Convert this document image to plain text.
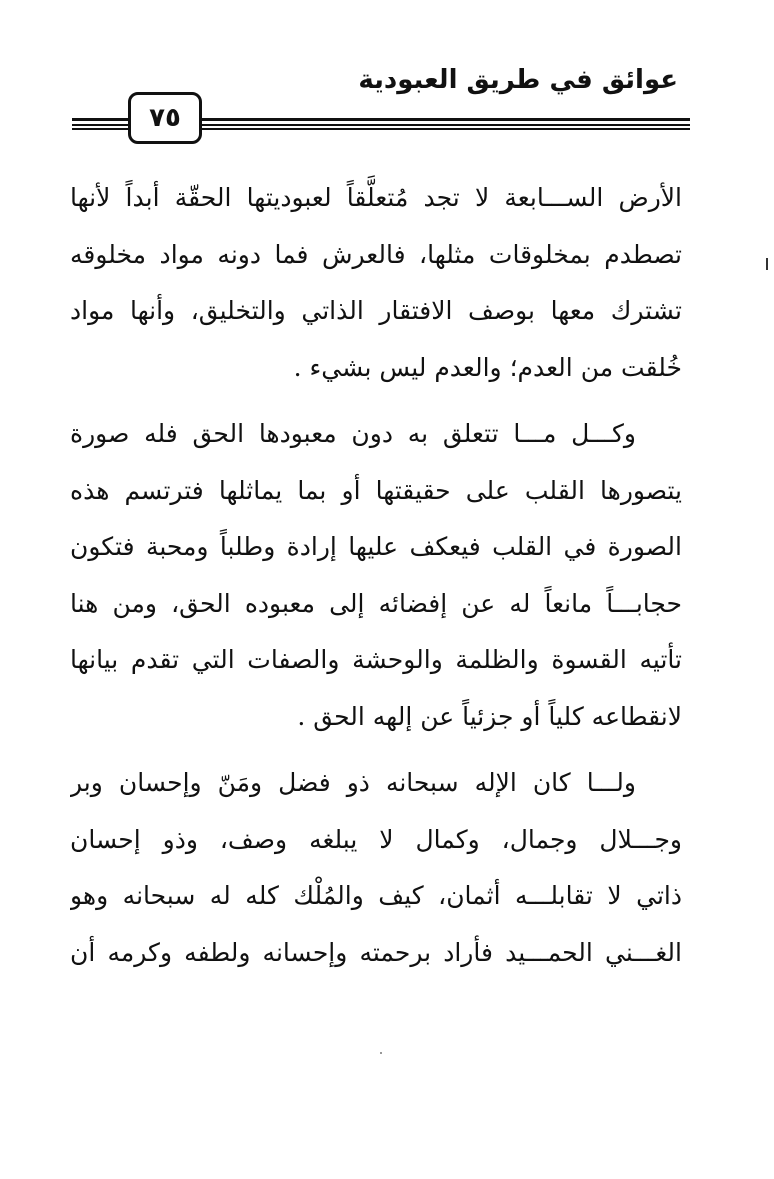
عوائق في طريق العبودية
٧٥
الأرض الســـابعة لا تجد مُتعلَّقاً لعبوديتها الحقّة أبداً لأنها
تصطدم بمخلوقات مثلها، فالعرش فما دونه مواد مخلوقه
تشترك معها بوصف الافتقار الذاتي والتخليق، وأنها مواد
خُلقت من العدم؛ والعدم ليس بشيء .
وكـــل مـــا تتعلق به دون معبودها الحق فله صورة
يتصورها القلب على حقيقتها أو بما يماثلها فترتسم هذه
الصورة في القلب فيعكف عليها إرادة وطلباً ومحبة فتكون
حجابـــاً مانعاً له عن إفضائه إلى معبوده الحق، ومن هنا
تأتيه القسوة والظلمة والوحشة والصفات التي تقدم بيانها
لانقطاعه كلياً أو جزئياً عن إلهه الحق .
ولـــا كان الإله سبحانه ذو فضل ومَنّ وإحسان وبر
وجـــلال وجمال، وكمال لا يبلغه وصف، وذو إحسان
ذاتي لا تقابلـــه أثمان، كيف والمُلْك كله له سبحانه وهو
الغـــني الحمـــيد فأراد برحمته وإحسانه ولطفه وكرمه أن
